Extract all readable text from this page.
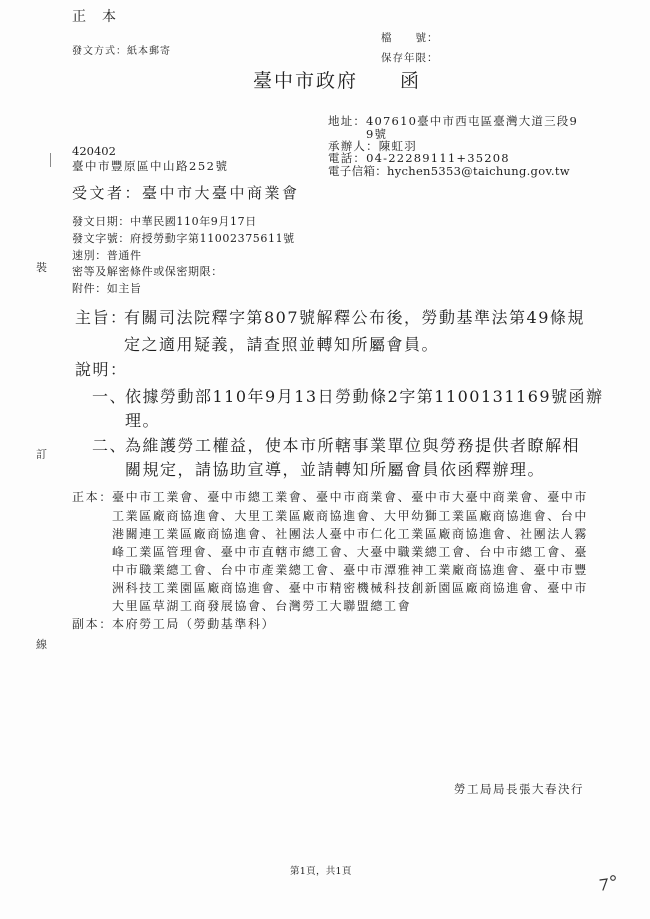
正　本
檔　　號：
保存年限：
發文方式：紙本郵寄
臺中市政府　　函
地址： 407610臺中市西屯區臺灣大道三段9
9號
承辦人：陳虹羽
電話：04-22289111+35208
電子信箱：hychen5353@taichung.gov.tw
420402
臺中市豐原區中山路252號
受文者：臺中市大臺中商業會
發文日期：中華民國110年9月17日
發文字號：府授勞動字第11002375611號
速別：普通件
密等及解密條件或保密期限：
附件：如主旨
主旨：
有關司法院釋字第807號解釋公布後，勞動基準法第49條規
定之適用疑義，請查照並轉知所屬會員。
說明：
一、
依據勞動部110年9月13日勞動條2字第1100131169號函辦
理。
二、
為維護勞工權益，使本市所轄事業單位與勞務提供者瞭解相
關規定，請協助宣導，並請轉知所屬會員依函釋辦理。
正本： 臺中市工業會、臺中市總工業會、臺中市商業會、臺中市大臺中商業會、臺中市
工業區廠商協進會、大里工業區廠商協進會、大甲幼獅工業區廠商協進會、台中
港關連工業區廠商協進會、社團法人臺中市仁化工業區廠商協進會、社團法人霧
峰工業區管理會、臺中市直轄市總工會、大臺中職業總工會、台中市總工會、臺
中市職業總工會、台中市產業總工會、臺中市潭雅神工業廠商協進會、臺中市豐
洲科技工業園區廠商協進會、臺中市精密機械科技創新園區廠商協進會、臺中市
大里區草湖工商發展協會、台灣勞工大聯盟總工會
副本： 本府勞工局（勞動基準科）
勞工局局長張大春決行
第1頁，共1頁
裝
訂
線
